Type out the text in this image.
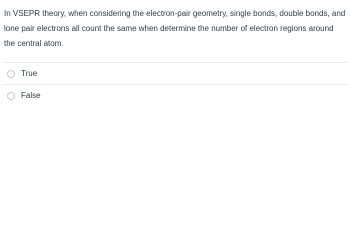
In VSEPR theory, when considering the electron-pair geometry, single bonds, double bonds, and lone pair electrons all count the same when determine the number of electron regions around the central atom.

True
False
